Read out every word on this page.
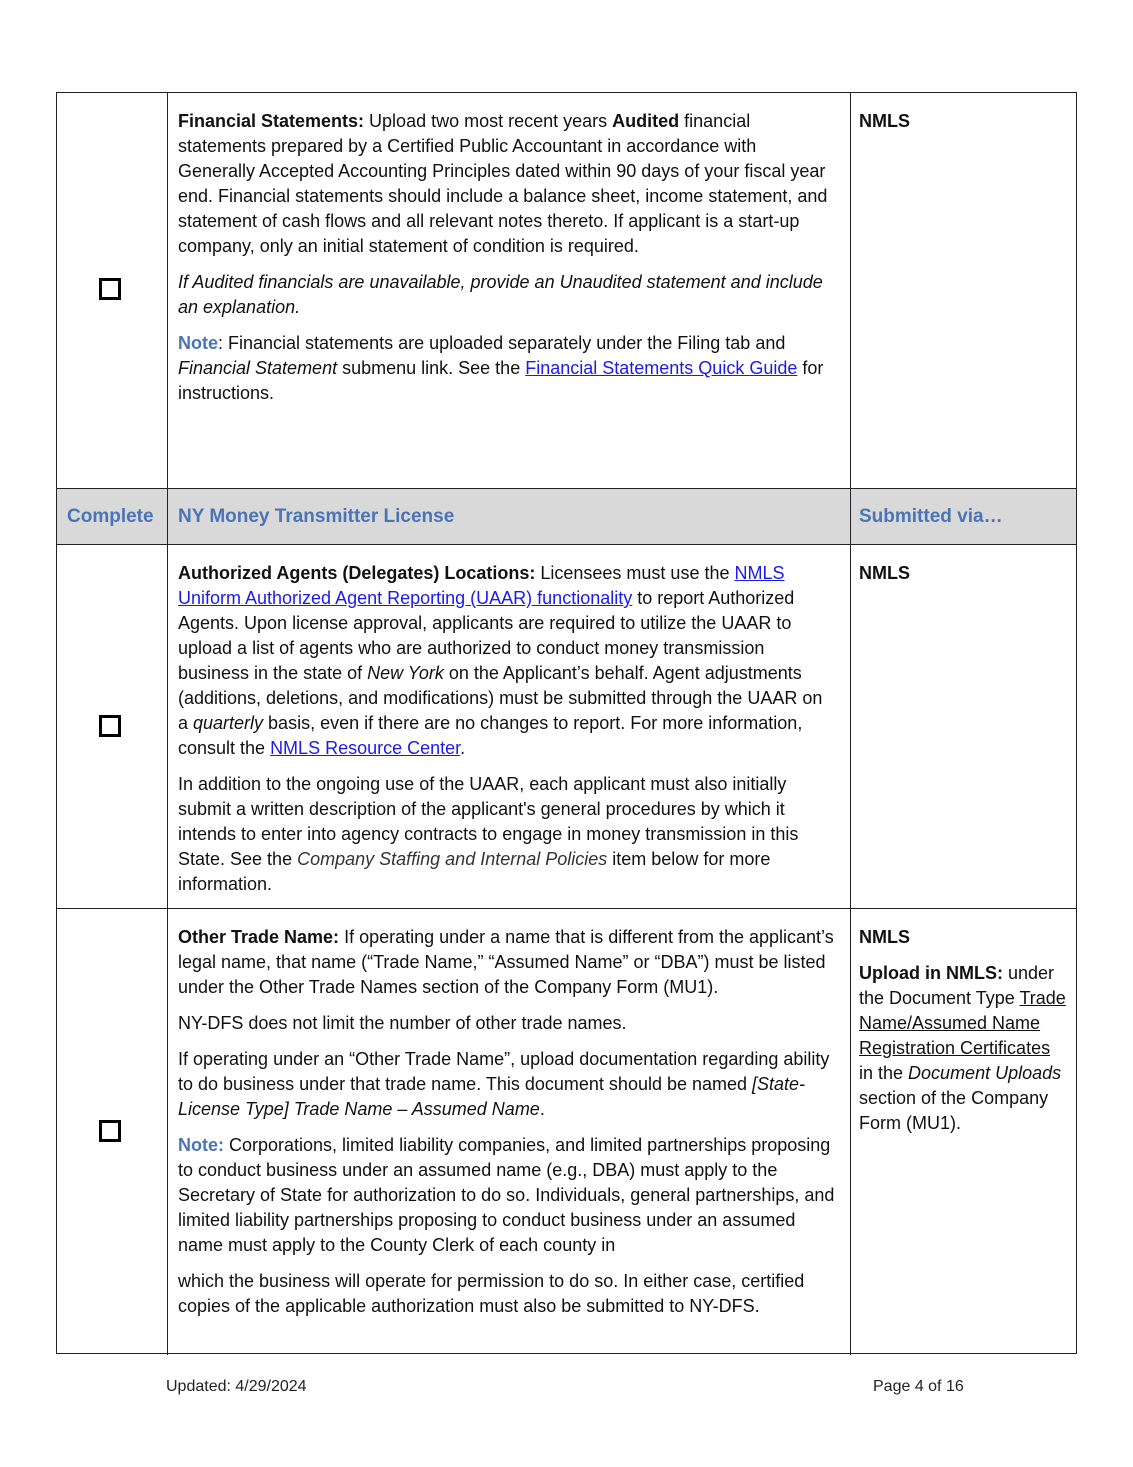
Financial Statements: Upload two most recent years Audited financial statements prepared by a Certified Public Accountant in accordance with Generally Accepted Accounting Principles dated within 90 days of your fiscal year end. Financial statements should include a balance sheet, income statement, and statement of cash flows and all relevant notes thereto. If applicant is a start-up company, only an initial statement of condition is required.

If Audited financials are unavailable, provide an Unaudited statement and include an explanation.

Note: Financial statements are uploaded separately under the Filing tab and Financial Statement submenu link. See the Financial Statements Quick Guide for instructions.

NMLS

Complete NY Money Transmitter License	Submitted via…

Authorized Agents (Delegates) Locations: Licensees must use the NMLS Uniform Authorized Agent Reporting (UAAR) functionality to report Authorized Agents. Upon license approval, applicants are required to utilize the UAAR to upload a list of agents who are authorized to conduct money transmission business in the state of New York on the Applicant’s behalf. Agent adjustments (additions, deletions, and modifications) must be submitted through the UAAR on a quarterly basis, even if there are no changes to report. For more information, consult the NMLS Resource Center.

In addition to the ongoing use of the UAAR, each applicant must also initially submit a written description of the applicant's general procedures by which it intends to enter into agency contracts to engage in money transmission in this State. See the Company Staffing and Internal Policies item below for more information.

NMLS

Other Trade Name: If operating under a name that is different from the applicant’s legal name, that name (“Trade Name,” “Assumed Name” or “DBA”) must be listed under the Other Trade Names section of the Company Form (MU1).

NY-DFS does not limit the number of other trade names.

If operating under an “Other Trade Name”, upload documentation regarding ability to do business under that trade name. This document should be named [State-License Type] Trade Name – Assumed Name.

Note: Corporations, limited liability companies, and limited partnerships proposing to conduct business under an assumed name (e.g., DBA) must apply to the Secretary of State for authorization to do so. Individuals, general partnerships, and limited liability partnerships proposing to conduct business under an assumed name must apply to the County Clerk of each county in

which the business will operate for permission to do so. In either case, certified copies of the applicable authorization must also be submitted to NY-DFS.

NMLS

Upload in NMLS: under the Document Type Trade Name/Assumed Name Registration Certificates in the Document Uploads section of the Company Form (MU1).

Updated: 4/29/2024	Page 4 of 16
